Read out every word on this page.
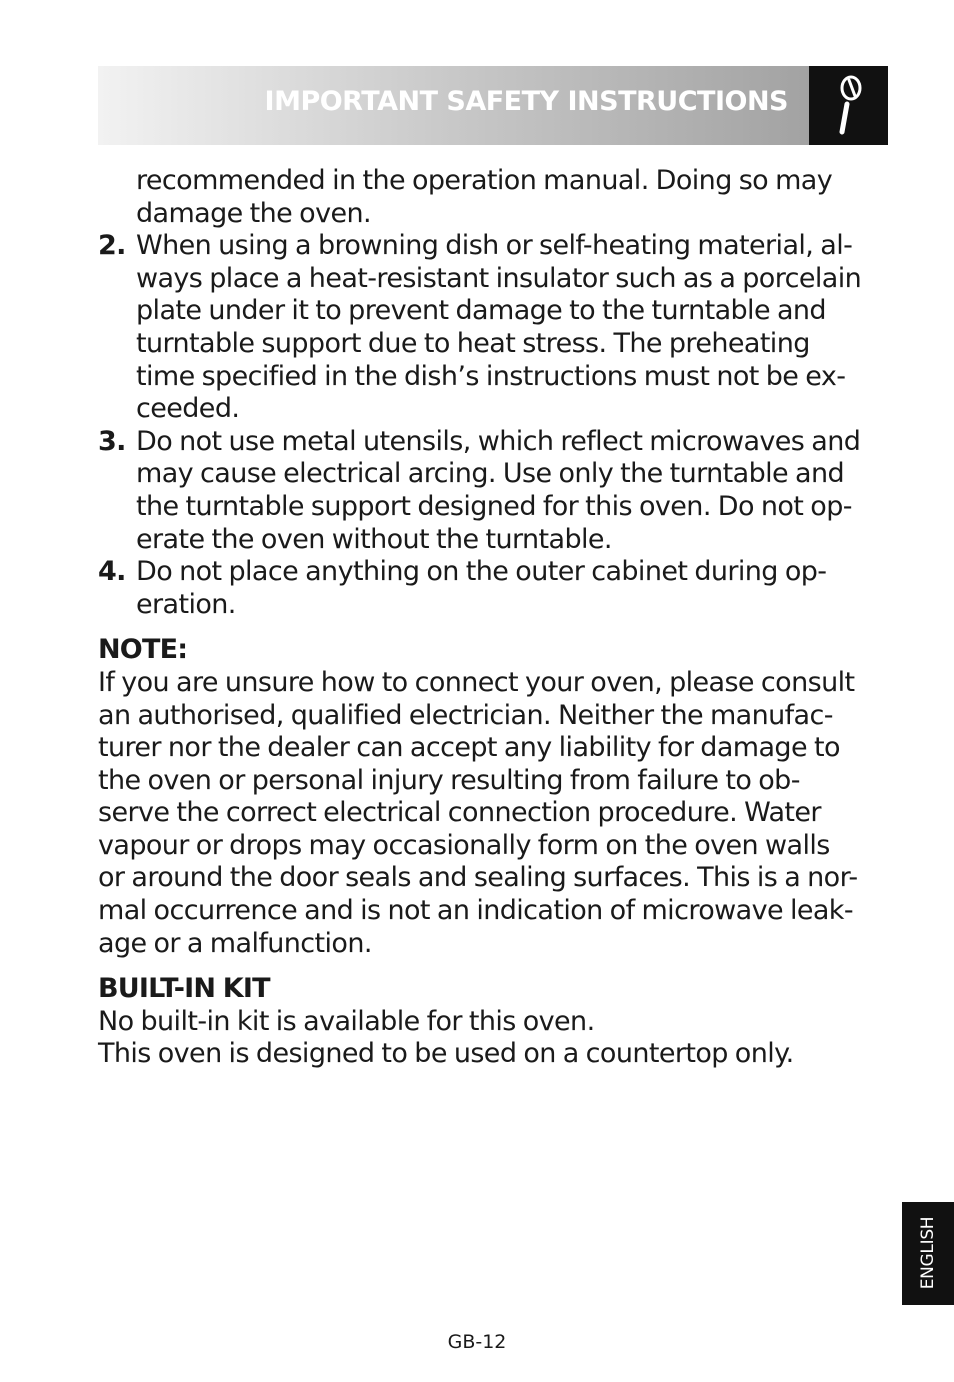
IMPORTANT SAFETY INSTRUCTIONS

recommended in the operation manual. Doing so may

damage the oven.

2. When using a browning dish or self-heating material, al-

ways place a heat-resistant insulator such as a porcelain

plate under it to prevent damage to the turntable and

turntable support due to heat stress. The preheating

time specified in the dish’s instructions must not be ex-

ceeded.

3. Do not use metal utensils, which reflect microwaves and

may cause electrical arcing. Use only the turntable and

the turntable support designed for this oven. Do not op-

erate the oven without the turntable.

4. Do not place anything on the outer cabinet during op-

eration.

NOTE:

If you are unsure how to connect your oven, please consult

an authorised, qualified electrician. Neither the manufac-

turer nor the dealer can accept any liability for damage to

the oven or personal injury resulting from failure to ob-

serve the correct electrical connection procedure. Water

vapour or drops may occasionally form on the oven walls

or around the door seals and sealing surfaces. This is a nor-

mal occurrence and is not an indication of microwave leak-

age or a malfunction.

BUILT-IN KIT

No built-in kit is available for this oven.

This oven is designed to be used on a countertop only.

ENGLISH
GB-12
